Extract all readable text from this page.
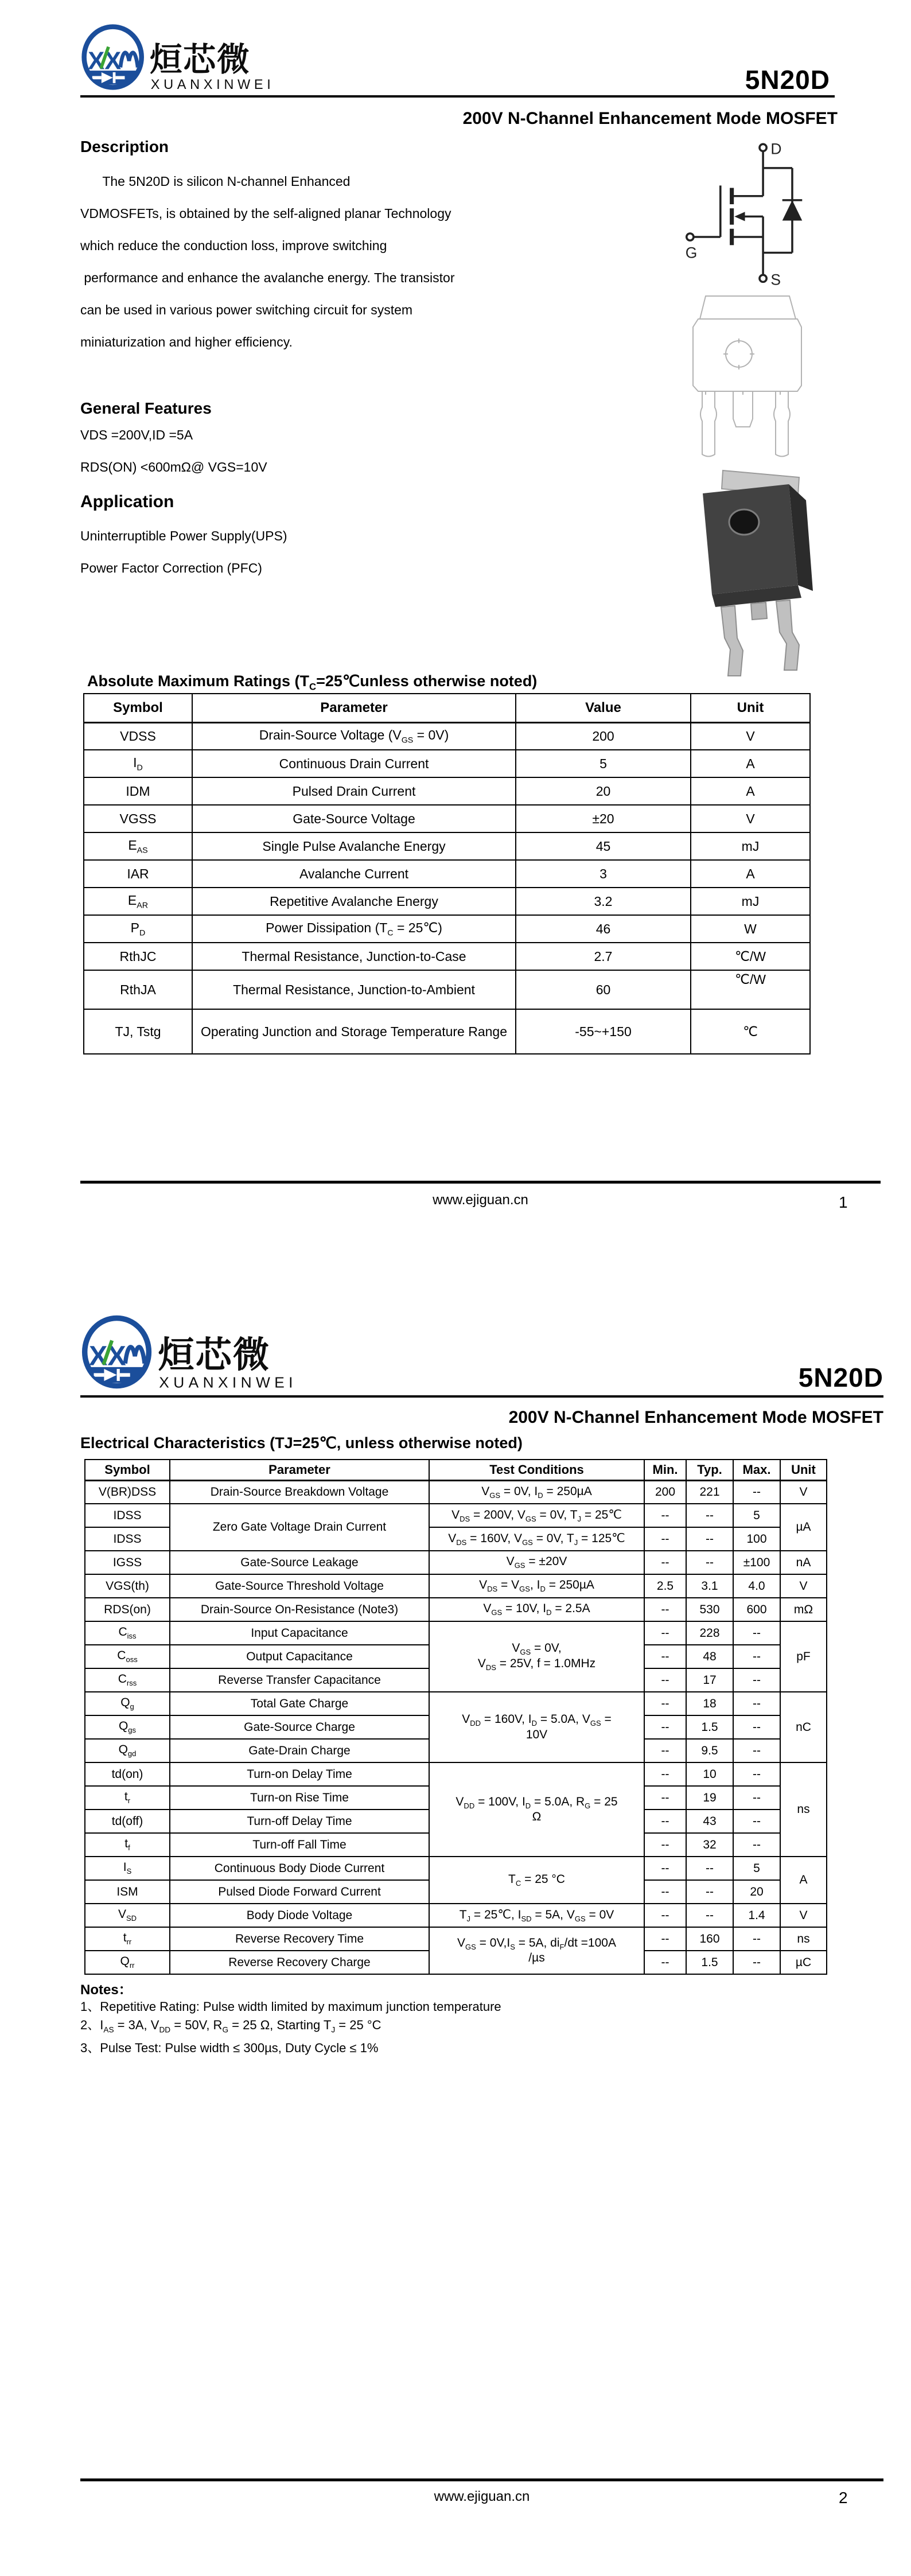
XX 烜芯微
XUANXINWEI	5N20D
200V N-Channel Enhancement Mode MOSFET
Description
The 5N20D is silicon N-channel Enhanced
VDMOSFETs, is obtained by the self-aligned planar Technology
which reduce the conduction loss, improve switching
performance and enhance the avalanche energy. The transistor
can be used in various power switching circuit for system
miniaturization and higher efficiency.
D
G
S
General Features
VDS =200V,ID =5A
RDS(ON) <600mΩ@ VGS=10V
Application
Uninterruptible Power Supply(UPS)
Power Factor Correction (PFC)
Absolute Maximum Ratings ($T_C=25℃unless$ otherwise noted)
Symbol	Parameter	Value	Unit
VDSS	Drain-Source Voltage $(V_{GS} = 0V)$	200	V
$I_D$	Continuous Drain Current	5	A
IDM	Pulsed Drain Current	20	A
VGSS	Gate-Source Voltage	±20	V
$E_{AS}$	Single Pulse Avalanche Energy	45	mJ
IAR	Avalanche Current	3	A
$E_{AR}$	Repetitive Avalanche Energy	3.2	mJ
$P_D$	Power Dissipation ($T_C$ = 25℃)	46	W
RthJC	Thermal Resistance, Junction-to-Case	2.7	℃/W
RthJA	Thermal Resistance, Junction-to-Ambient	60	℃/W
TJ, Tstg	Operating Junction and Storage Temperature Range	-55~+150	℃
www.ejiguan.cn	1
XX 烜芯微
XUANXINWEI	5N20D
200V N-Channel Enhancement Mode MOSFET
Electrical Characteristics (TJ=25℃, unless otherwise noted)
Symbol	Parameter	Test Conditions	Min.	Typ.	Max.	Unit
V(BR)DSS	Drain-Source Breakdown Voltage	$V_{GS} = 0V$, $I_D = 250\mu A$	200	221	--	V
IDSS	Zero Gate Voltage Drain Current	$V_{DS} = 200V$, $V_{GS} = 0V$, $T_J$ = 25℃	--	--	5	µA
IDSS		$V_{DS} = 160V$, $V_{GS} = 0V$, $T_J$ = 125℃	--	--	100	
IGSS	Gate-Source Leakage	$V_{GS} = \pm 20V$	--	--	±100	nA
VGS(th)	Gate-Source Threshold Voltage	$V_{DS} = V_{GS}$, $I_D = 250\mu A$	2.5	3.1	4.0	V
RDS(on)	Drain-Source On-Resistance (Note3)	$V_{GS} = 10V$, $I_D = 2.5A$	--	530	600	mΩ
$C_{iss}$	Input Capacitance	$V_{GS} = 0V$,
$V_{DS} = 25V$, f = 1.0MHz	--	228	--	pF
$C_{oss}$	Output Capacitance		--	48	--	
$C_{rss}$	Reverse Transfer Capacitance		--	17	--	
$Q_g$	Total Gate Charge	$V_{DD} = 160V$, $I_D = 5.0A$, $V_{GS}$ =
10V	--	18	--	nC
$Q_{gs}$	Gate-Source Charge		--	1.5	--	
$Q_{gd}$	Gate-Drain Charge		--	9.5	--	
td(on)	Turn-on Delay Time	$V_{DD} = 100V$, $I_D = 5.0A$, $R_G = 25$
Ω	--	10	--	ns
$t_r$	Turn-on Rise Time		--	19	--	
td(off)	Turn-off Delay Time		--	43	--	
$t_f$	Turn-off Fall Time		--	32	--	
$I_S$	Continuous Body Diode Current	$T_C = 25$ °C	--	--	5	A
ISM	Pulsed Diode Forward Current		--	--	20	
$V_{SD}$	Body Diode Voltage	$T_J$ = 25℃, $I_{SD} = 5A$, $V_{GS} = 0V$	--	--	1.4	V
$t_{rr}$	Reverse Recovery Time	$V_{GS} = 0V,I_S = 5A$, $di_F/dt =100A$
/µs	--	160	--	ns
$Q_{rr}$	Reverse Recovery Charge		--	1.5	--	µC
Notes：
1、Repetitive Rating: Pulse width limited by maximum junction temperature
2、$I_{AS} = 3A$, $V_{DD} = 50V$, $R_G = 25$ Ω, Starting $T_J = 25$ °C
3、Pulse Test: Pulse width ≤ 300µs, Duty Cycle ≤ 1%
www.ejiguan.cn	2
